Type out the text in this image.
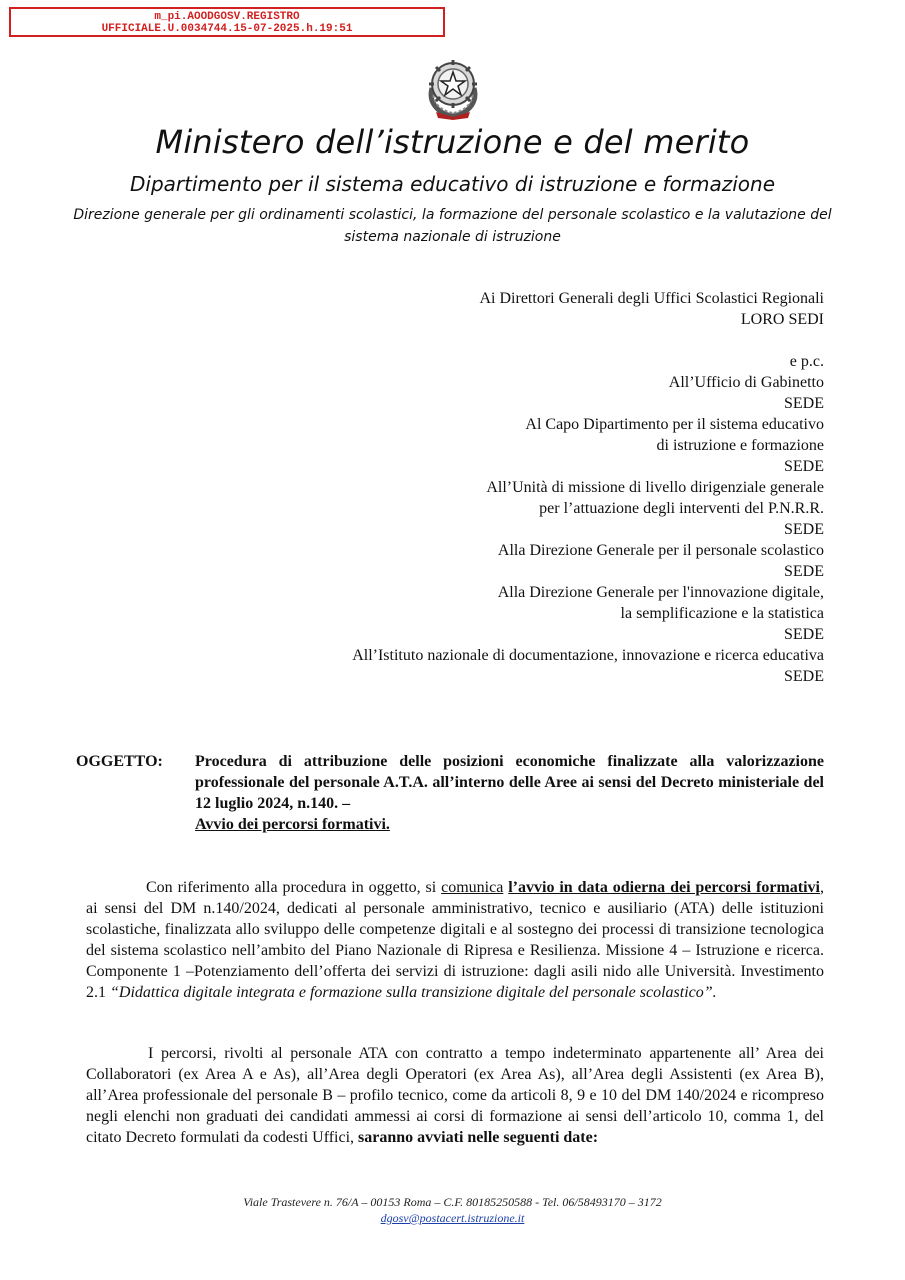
m_pi.AOODGOSV.REGISTRO
UFFICIALE.U.0034744.15-07-2025.h.19:51
Ministero dell’istruzione e del merito
Dipartimento per il sistema educativo di istruzione e formazione
Direzione generale per gli ordinamenti scolastici, la formazione del personale scolastico e la valutazione del sistema nazionale di istruzione
Ai Direttori Generali degli Uffici Scolastici Regionali
LORO SEDI
e p.c.
All’Ufficio di Gabinetto
SEDE
Al Capo Dipartimento per il sistema educativo
di istruzione e formazione
SEDE
All’Unità di missione di livello dirigenziale generale
per l’attuazione degli interventi del P.N.R.R.
SEDE
Alla Direzione Generale per il personale scolastico
SEDE
Alla Direzione Generale per l'innovazione digitale,
la semplificazione e la statistica
SEDE
All’Istituto nazionale di documentazione, innovazione e ricerca educativa
SEDE
OGGETTO: Procedura di attribuzione delle posizioni economiche finalizzate alla valorizzazione professionale del personale A.T.A. all’interno delle Aree ai sensi del Decreto ministeriale del 12 luglio 2024, n.140. –
Avvio dei percorsi formativi.
Con riferimento alla procedura in oggetto, si comunica l’avvio in data odierna dei percorsi formativi, ai sensi del DM n.140/2024, dedicati al personale amministrativo, tecnico e ausiliario (ATA) delle istituzioni scolastiche, finalizzata allo sviluppo delle competenze digitali e al sostegno dei processi di transizione tecnologica del sistema scolastico nell’ambito del Piano Nazionale di Ripresa e Resilienza. Missione 4 – Istruzione e ricerca. Componente 1 –Potenziamento dell’offerta dei servizi di istruzione: dagli asili nido alle Università. Investimento 2.1 “Didattica digitale integrata e formazione sulla transizione digitale del personale scolastico”.
I percorsi, rivolti al personale ATA con contratto a tempo indeterminato appartenente all’ Area dei Collaboratori (ex Area A e As), all’Area degli Operatori (ex Area As), all’Area degli Assistenti (ex Area B), all’Area professionale del personale B – profilo tecnico, come da articoli 8, 9 e 10 del DM 140/2024 e ricompreso negli elenchi non graduati dei candidati ammessi ai corsi di formazione ai sensi dell’articolo 10, comma 1, del citato Decreto formulati da codesti Uffici, saranno avviati nelle seguenti date:
Viale Trastevere n. 76/A – 00153 Roma – C.F. 80185250588 - Tel. 06/58493170 – 3172
dgosv@postacert.istruzione.it
